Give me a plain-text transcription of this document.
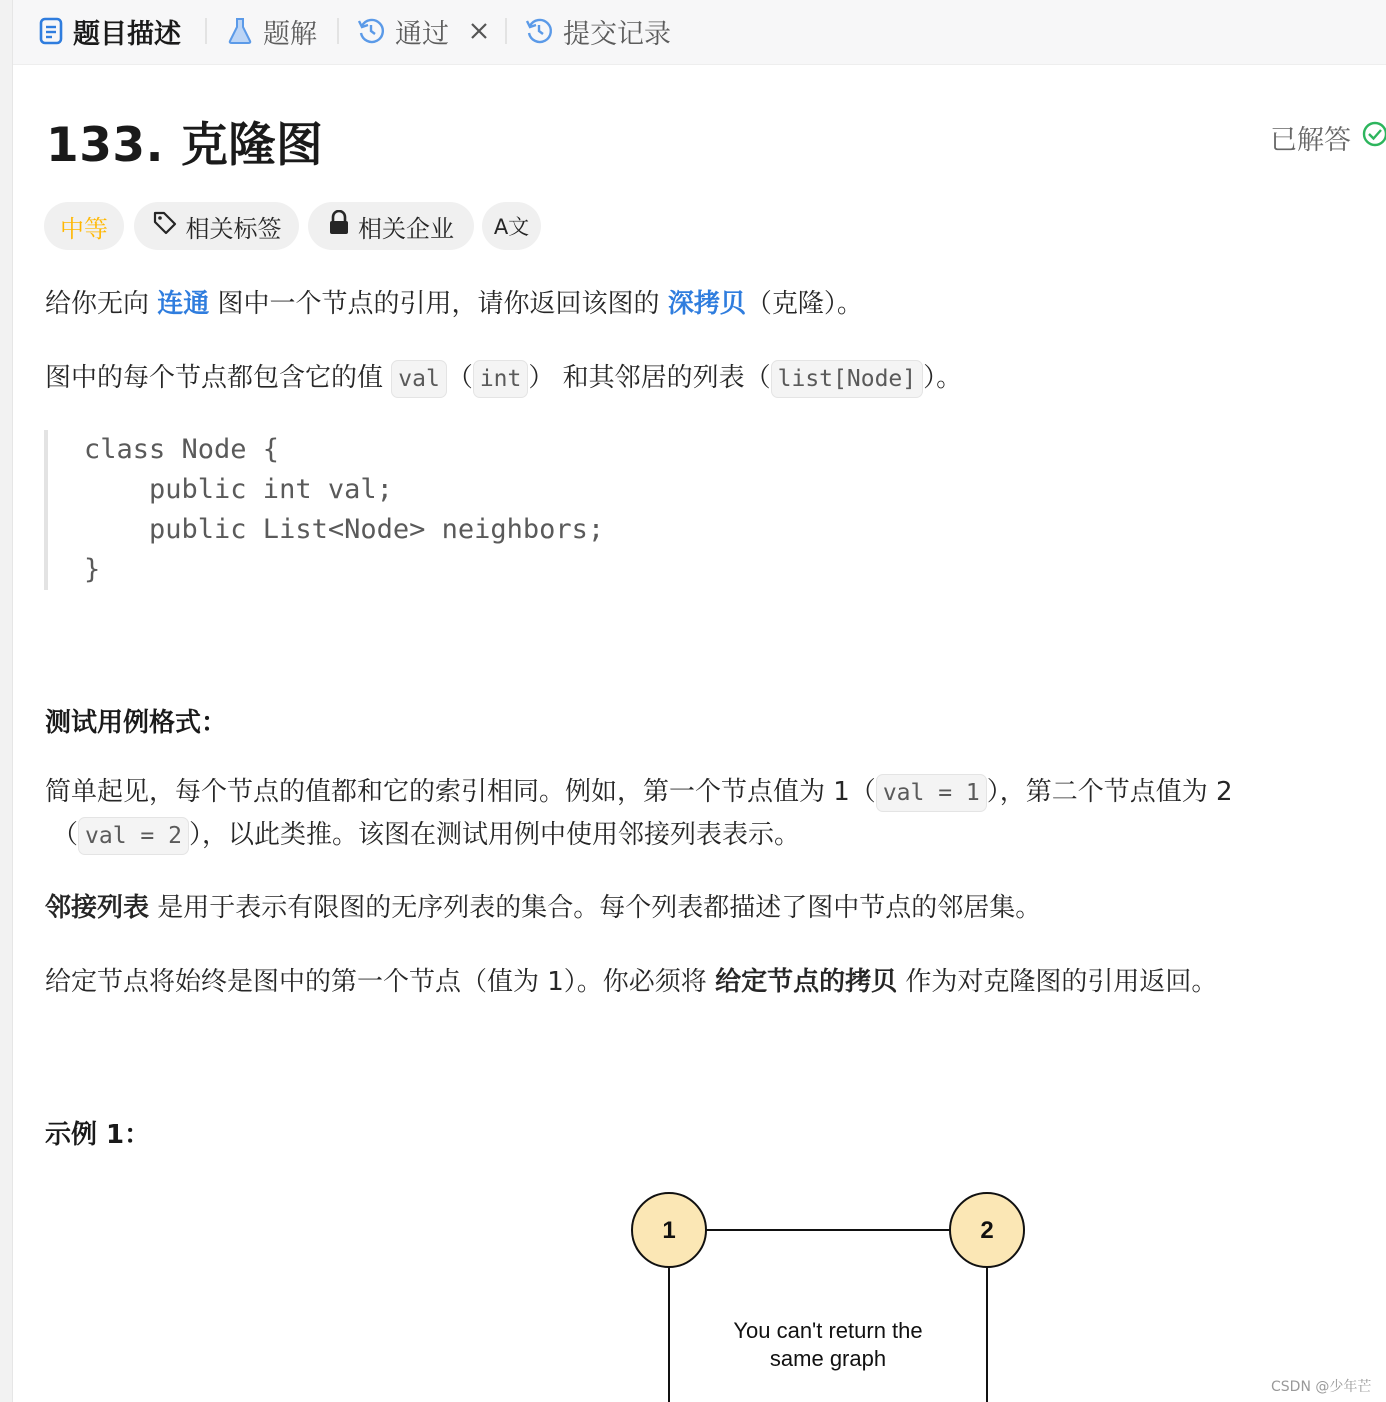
题目描述	题解	通过	提交记录
133. 克隆图	已解答
中等	相关标签	相关企业 A文
给你无向 连通 图中一个节点的引用，请你返回该图的 深拷贝（克隆）。
图中的每个节点都包含它的值 val （ int ） 和其邻居的列表（ list[Node] ）。
class Node {
public int val;
public List<Node> neighbors;
}
测试用例格式：
简单起见，每个节点的值都和它的索引相同。例如，第一个节点值为 1（ val = 1 ），第二个节点值为 2
（ val = 2 ），以此类推。该图在测试用例中使用邻接列表表示。
邻接列表 是用于表示有限图的无序列表的集合。每个列表都描述了图中节点的邻居集。
给定节点将始终是图中的第一个节点（值为 1）。你必须将 给定节点的拷贝 作为对克隆图的引用返回。
示例 1：
1	2
You can't return the
same graph
CSDN @少年芒
